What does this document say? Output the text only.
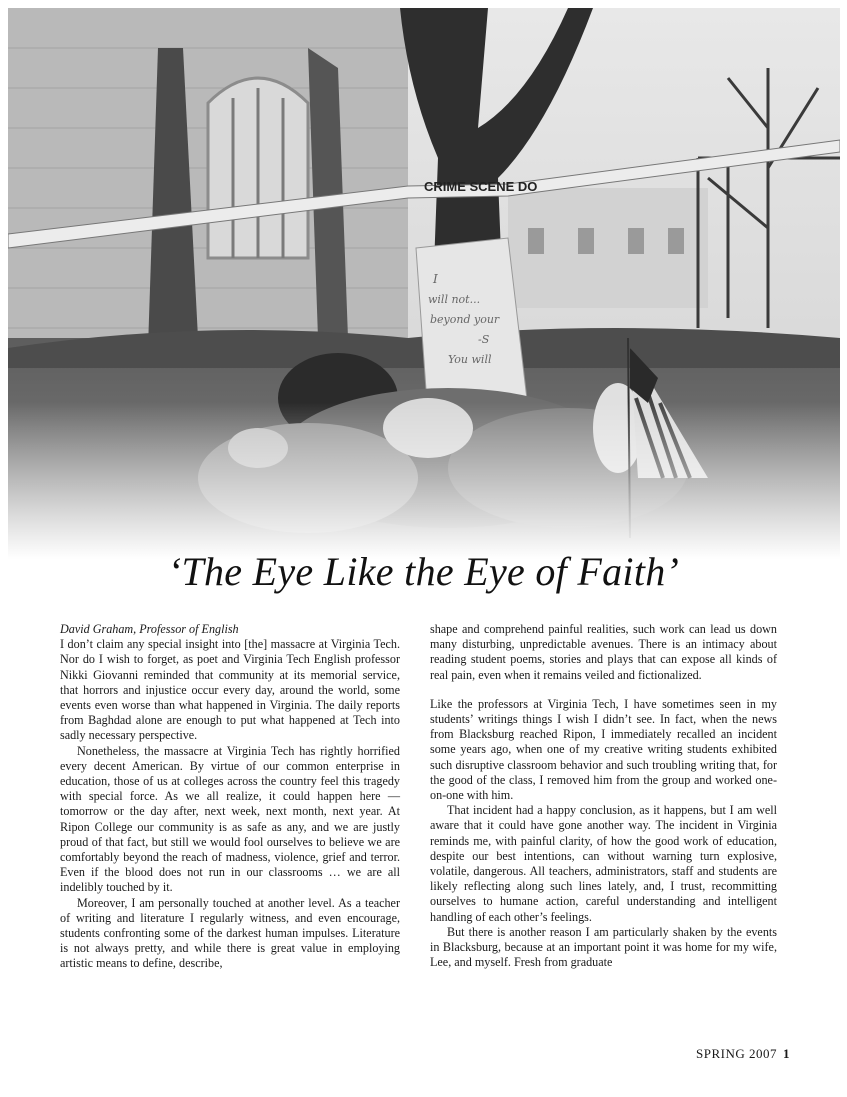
‘The Eye Like the Eye of Faith’

David Graham, Professor of English

I don’t claim any special insight into [the] massacre at Virginia Tech. Nor do I wish to forget, as poet and Virginia Tech English professor Nikki Giovanni reminded that community at its memorial service, that horrors and injustice occur every day, around the world, some events even worse than what happened in Virginia. The daily reports from Baghdad alone are enough to put what happened at Tech into sadly necessary perspective.

Nonetheless, the massacre at Virginia Tech has rightly horrified every decent American. By virtue of our common enterprise in education, those of us at colleges across the country feel this tragedy with special force. As we all realize, it could happen here — tomorrow or the day after, next week, next month, next year. At Ripon College our community is as safe as any, and we are justly proud of that fact, but still we would fool ourselves to believe we are comfortably beyond the reach of madness, violence, grief and terror. Even if the blood does not run in our classrooms … we are all indelibly touched by it.

Moreover, I am personally touched at another level. As a teacher of writing and literature I regularly witness, and even encourage, students confronting some of the darkest human impulses. Literature is not always pretty, and while there is great value in employing artistic means to define, describe,

shape and comprehend painful realities, such work can lead us down many disturbing, unpredictable avenues. There is an intimacy about reading student poems, stories and plays that can expose all kinds of real pain, even when it remains veiled and fictionalized.

Like the professors at Virginia Tech, I have sometimes seen in my students’ writings things I wish I didn’t see. In fact, when the news from Blacksburg reached Ripon, I immediately recalled an incident some years ago, when one of my creative writing students exhibited such disruptive classroom behavior and such troubling writing that, for the good of the class, I removed him from the group and worked one-on-one with him.

That incident had a happy conclusion, as it happens, but I am well aware that it could have gone another way. The incident in Virginia reminds me, with painful clarity, of how the good work of education, despite our best intentions, can without warning turn explosive, volatile, dangerous. All teachers, administrators, staff and students are likely reflecting along such lines lately, and, I trust, recommitting ourselves to humane action, careful understanding and intelligent handling of each other’s feelings.

But there is another reason I am particularly shaken by the events in Blacksburg, because at an important point it was home for my wife, Lee, and myself. Fresh from graduate

SPRING 2007 1
